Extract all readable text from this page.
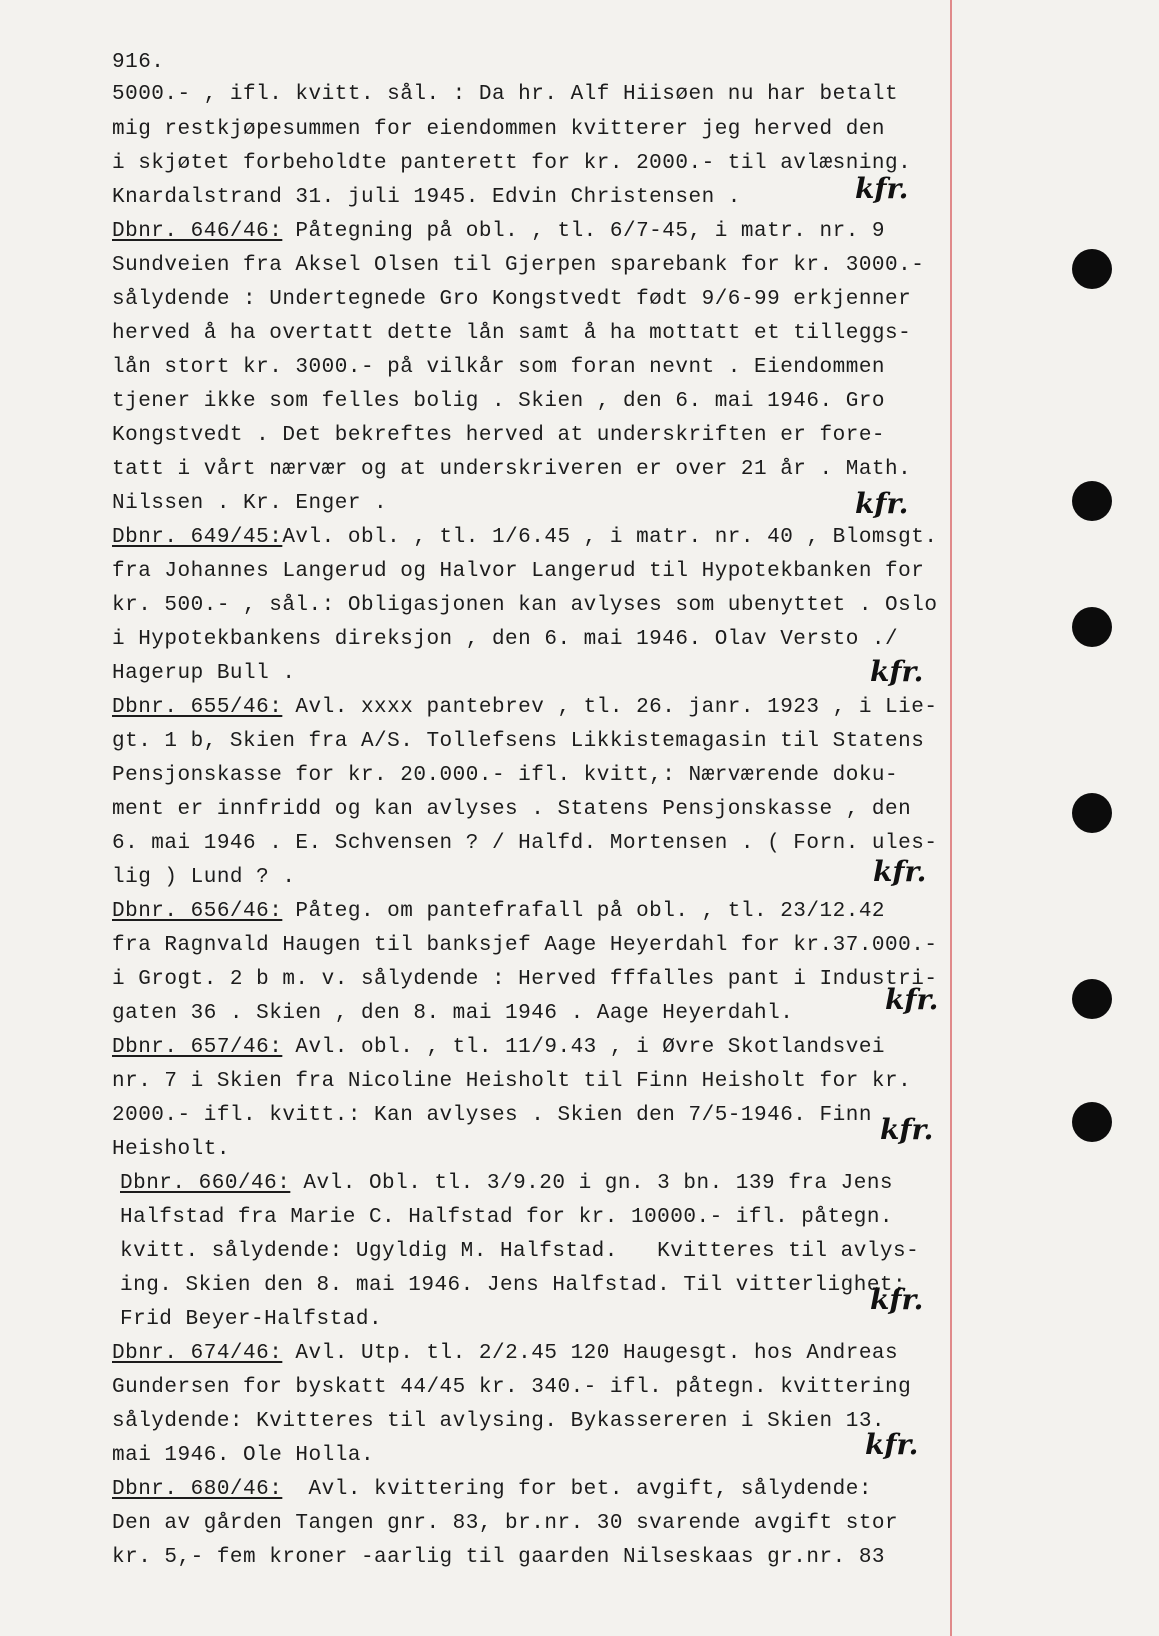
916.
5000.- , ifl. kvitt. sål. : Da hr. Alf Hiisøen nu har betalt
mig restkjøpesummen for eiendommen kvitterer jeg herved den
i skjøtet forbeholdte panterett for kr. 2000.- til avlæsning.
Knardalstrand 31. juli 1945. Edvin Christensen .
Dbnr. 646/46: Påtegning på obl. , tl. 6/7-45, i matr. nr. 9
Sundveien fra Aksel Olsen til Gjerpen sparebank for kr. 3000.-
sålydende : Undertegnede Gro Kongstvedt født 9/6-99 erkjenner
herved å ha overtatt dette lån samt å ha mottatt et tilleggs-
lån stort kr. 3000.- på vilkår som foran nevnt . Eiendommen
tjener ikke som felles bolig . Skien , den 6. mai 1946. Gro
Kongstvedt . Det bekreftes herved at underskriften er fore-
tatt i vårt nærvær og at underskriveren er over 21 år . Math.
Nilssen . Kr. Enger .
Dbnr. 649/45:Avl. obl. , tl. 1/6.45 , i matr. nr. 40 , Blomsgt.
fra Johannes Langerud og Halvor Langerud til Hypotekbanken for
kr. 500.- , sål.: Obligasjonen kan avlyses som ubenyttet . Oslo
i Hypotekbankens direksjon , den 6. mai 1946. Olav Versto ./
Hagerup Bull .
Dbnr. 655/46: Avl. xxxx pantebrev , tl. 26. janr. 1923 , i Lie-
gt. 1 b, Skien fra A/S. Tollefsens Likkistemagasin til Statens
Pensjonskasse for kr. 20.000.- ifl. kvitt,: Nærværende doku-
ment er innfridd og kan avlyses . Statens Pensjonskasse , den
6. mai 1946 . E. Schvensen ? / Halfd. Mortensen . ( Forn. ules-
lig ) Lund ? .
Dbnr. 656/46: Påteg. om pantefrafall på obl. , tl. 23/12.42
fra Ragnvald Haugen til banksjef Aage Heyerdahl for kr.37.000.-
i Grogt. 2 b m. v. sålydende : Herved fffalles pant i Industri-
gaten 36 . Skien , den 8. mai 1946 . Aage Heyerdahl.
Dbnr. 657/46: Avl. obl. , tl. 11/9.43 , i Øvre Skotlandsvei
nr. 7 i Skien fra Nicoline Heisholt til Finn Heisholt for kr.
2000.- ifl. kvitt.: Kan avlyses . Skien den 7/5-1946. Finn
Heisholt.
Dbnr. 660/46: Avl. Obl. tl. 3/9.20 i gn. 3 bn. 139 fra Jens
Halfstad fra Marie C. Halfstad for kr. 10000.- ifl. påtegn.
kvitt. sålydende: Ugyldig M. Halfstad.   Kvitteres til avlys-
ing. Skien den 8. mai 1946. Jens Halfstad. Til vitterlighet:
Frid Beyer-Halfstad.
Dbnr. 674/46: Avl. Utp. tl. 2/2.45 120 Haugesgt. hos Andreas
Gundersen for byskatt 44/45 kr. 340.- ifl. påtegn. kvittering
sålydende: Kvitteres til avlysing. Bykassereren i Skien 13.
mai 1946. Ole Holla.
Dbnr. 680/46:  Avl. kvittering for bet. avgift, sålydende:
Den av gården Tangen gnr. 83, br.nr. 30 svarende avgift stor
kr. 5,- fem kroner -aarlig til gaarden Nilseskaas gr.nr. 83
kfr.
kfr.
kfr.
kfr.
kfr.
kfr.
kfr.
kfr.
